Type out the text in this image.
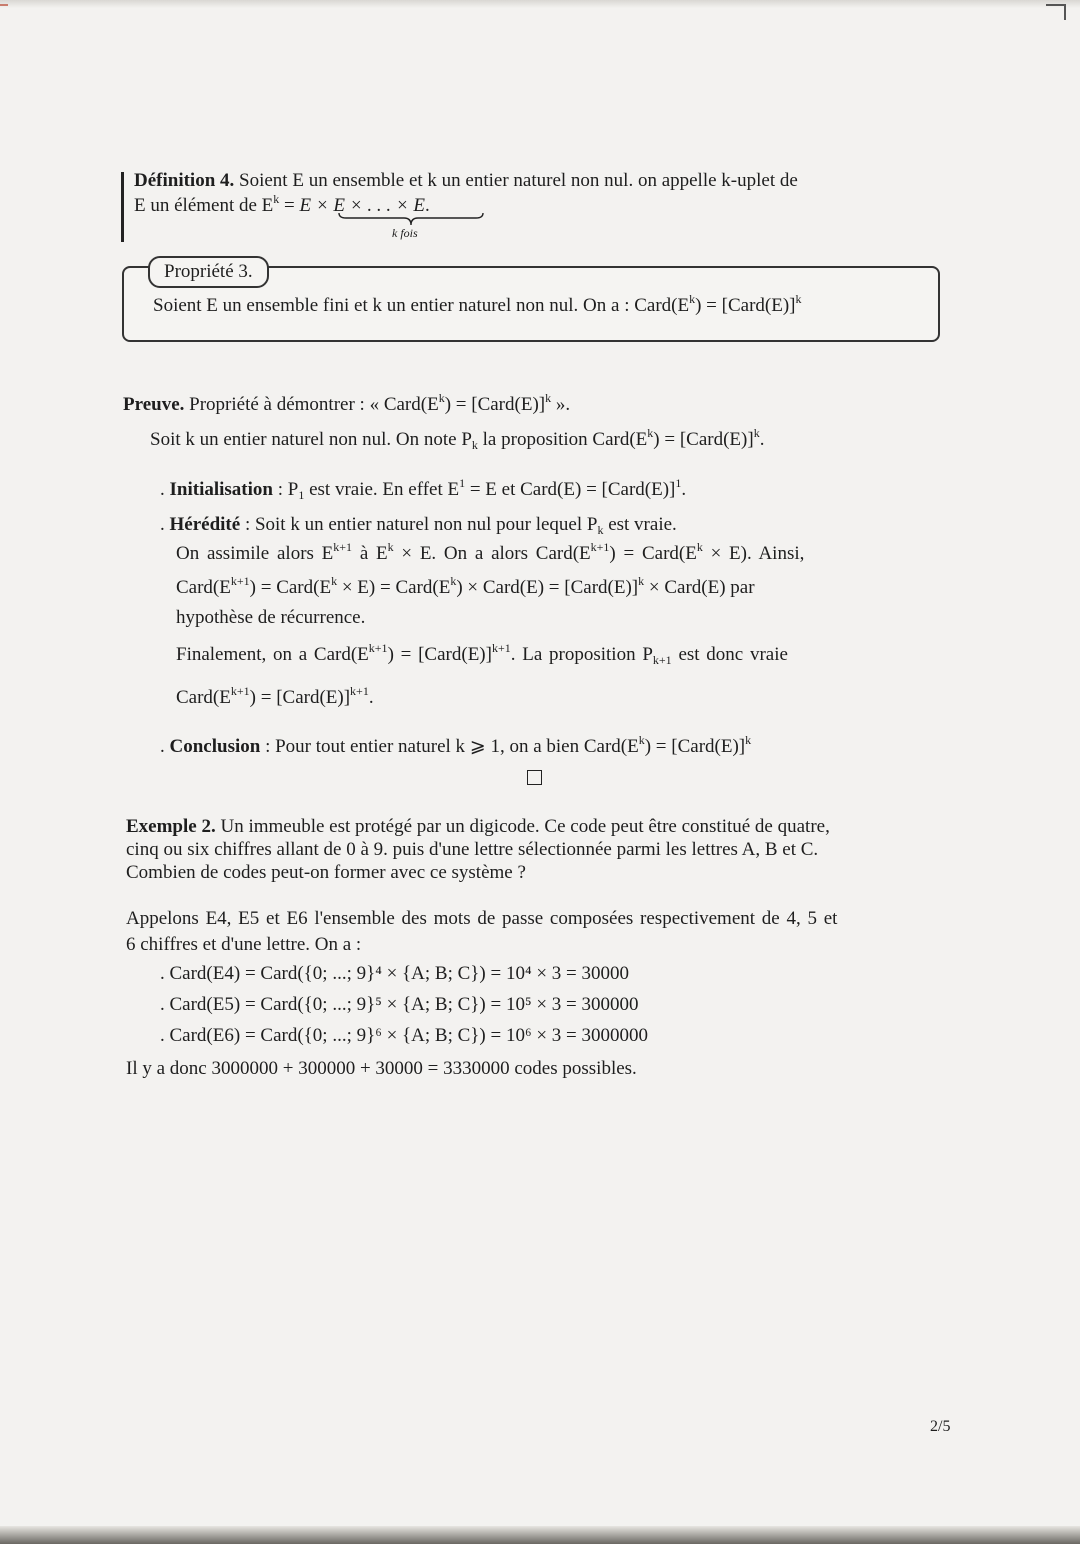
Définition 4. Soient E un ensemble et k un entier naturel non nul. on appelle k-uplet de
E un élément de $E^k = E \times E$ × . . . × E.
k fois
Propriété 3.
Soient E un ensemble fini et k un entier naturel non nul. On a : $Card(E^k)$ = [Card(E)]$^k$
Preuve. Propriété à démontrer : « $Card(E^k)$ = [Card(E)]$^k$ ».
Soit k un entier naturel non nul. On note $P_k$ la proposition $Card(E^k)$ = [Card(E)]$^k$.
. Initialisation : $P_1$ est vraie. En effet $E^1 = E$ et Card(E) = [Card(E)]$^1$.
. Hérédité : Soit k un entier naturel non nul pour lequel $P_k$ est vraie.
On assimile alors $E^{k+1}$ à $E^k \times E$. On a alors $Card(E^{k+1})$ = $Card(E^k \times E)$. Ainsi,
$Card(E^{k+1})$ = $Card(E^k \times E)$ = $Card(E^k)$ × Card(E) = [Card(E)]$^k$ × Card(E) par
hypothèse de récurrence.
Finalement, on a $Card(E^{k+1})$ = [Card(E)]$^{k+1}$. La proposition $P_{k+1}$ est donc vraie
$Card(E^{k+1})$ = [Card(E)]$^{k+1}$.
. Conclusion : Pour tout entier naturel k ⩾ 1, on a bien $Card(E^k)$ = [Card(E)]$^k$
Exemple 2. Un immeuble est protégé par un digicode. Ce code peut être constitué de quatre,
cinq ou six chiffres allant de 0 à 9. puis d'une lettre sélectionnée parmi les lettres A, B et C.
Combien de codes peut-on former avec ce système ?
Appelons E4, E5 et E6 l'ensemble des mots de passe composées respectivement de 4, 5 et
6 chiffres et d'une lettre. On a :
. Card(E4) = Card({0; ...; 9}⁴ × {A; B; C}) = 10⁴ × 3 = 30000
. Card(E5) = Card({0; ...; 9}⁵ × {A; B; C}) = 10⁵ × 3 = 300000
. Card(E6) = Card({0; ...; 9}⁶ × {A; B; C}) = 10⁶ × 3 = 3000000
Il y a donc 3000000 + 300000 + 30000 = 3330000 codes possibles.
2/5
